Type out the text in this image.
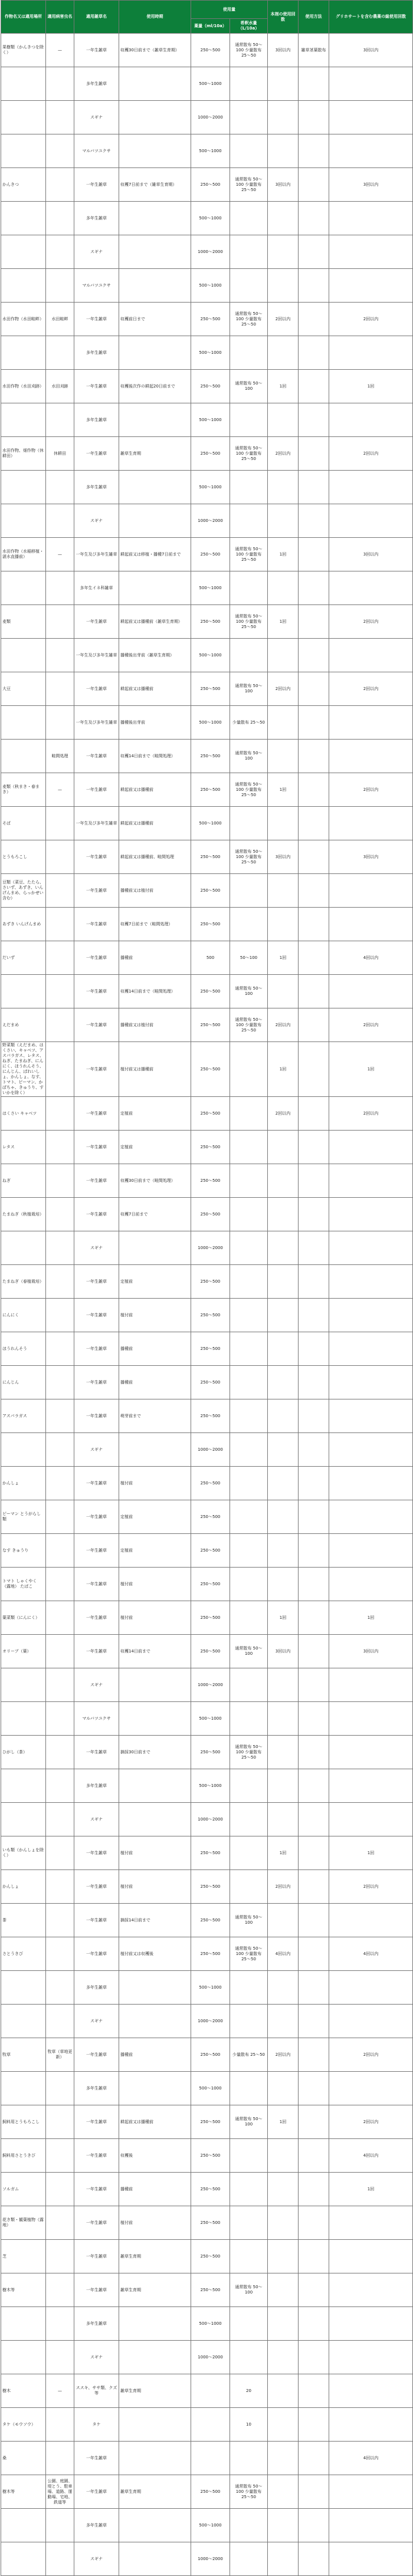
作物名又は適用場所	適用病害虫名	適用雑草名	使用時期	使用量		本剤の使用回数	使用方法	グリホサートを含む農薬の総使用回数
				薬量（ml/10a）	希釈水量（L/10a）			
果樹類（かんきつを除く）	—	一年生雑草	収穫30日前まで（雑草生育期）	250〜500	通常散布 50〜100 少量散布 25〜50	3回以内	雑草茎葉散布	3回以内
		多年生雑草		500〜1000				
		スギナ		1000〜2000				
		マルバツユクサ		500〜1000				
かんきつ		一年生雑草	収穫7日前まで（雑草生育期）	250〜500	通常散布 50〜100 少量散布 25〜50	3回以内		3回以内
		多年生雑草		500〜1000				
		スギナ		1000〜2000				
		マルバツユクサ		500〜1000				
水田作物（水田畦畔）	水田畦畔	一年生雑草	収穫前日まで	250〜500	通常散布 50〜100 少量散布 25〜50	2回以内		2回以内
		多年生雑草		500〜1000				
水田作物（水田刈跡）	水田刈跡	一年生雑草	収穫後次作の耕起20日前まで	250〜500	通常散布 50〜100	1回		1回
		多年生雑草		500〜1000				
水田作物、畑作物（休耕田）	休耕田	一年生雑草	雑草生育期	250〜500	通常散布 50〜100 少量散布 25〜50	2回以内		2回以内
		多年生雑草		500〜1000				
		スギナ		1000〜2000				
水田作物（水稲移植・湛水直播前）	—	一年生及び多年生雑草	耕起前又は移植・播種7日前まで	250〜500	通常散布 50〜100 少量散布 25〜50	1回		3回以内
		多年生イネ科雑草		500〜1000				
麦類		一年生雑草	耕起前又は播種前（雑草生育期）	250〜500	通常散布 50〜100 少量散布 25〜50	1回		2回以内
		一年生及び多年生雑草	播種後出芽前（雑草生育期）	500〜1000				
大豆		一年生雑草	耕起前又は播種前	250〜500	通常散布 50〜100	2回以内		2回以内
		一年生及び多年生雑草	播種後出芽前	500〜1000	少量散布 25〜50			
	畦間処理	一年生雑草	収穫14日前まで（畦間処理）	250〜500	通常散布 50〜100			
麦類（秋まき・春まき）	—	一年生雑草	耕起前又は播種前	250〜500	通常散布 50〜100 少量散布 25〜50	1回		2回以内
そば		一年生及び多年生雑草	耕起前又は播種前	500〜1000				
とうもろこし		一年生雑草	耕起前又は播種前、畦間処理	250〜500	通常散布 50〜100 少量散布 25〜50	3回以内		3回以内
豆類（菜豆、たたら、さいず、あずき、いんげんまめ、らっかせい含む）		一年生雑草	播種前又は植付前	250〜500				
あずき いんげんまめ		一年生雑草	収穫7日前まで（畦間処理）	250〜500				
だいず		一年生雑草	播種前	500	50〜100	1回		4回以内
		一年生雑草	収穫14日前まで（畦間処理）	250〜500	通常散布 50〜100			
えだまめ		一年生雑草	播種前又は植付前	250〜500	通常散布 50〜100 少量散布 25〜50	2回以内		2回以内
野菜類（えだまめ、はくさい、キャベツ、アスパラガス、レタス、ねぎ、たまねぎ、にんにく、ほうれんそう、にんじん、ばれいしょ、かんしょ、なす、トマト、ピーマン、かぼちゃ、きゅうり、すいかを除く）		一年生雑草	植付前又は播種前	250〜500		1回		1回
はくさい キャベツ		一年生雑草	定植前	250〜500		2回以内		2回以内
レタス		一年生雑草	定植前	250〜500				
ねぎ		一年生雑草	収穫30日前まで（畦間処理）	250〜500				
たまねぎ（秋植栽培）		一年生雑草	収穫7日前まで	250〜500				
		スギナ		1000〜2000				
たまねぎ（春植栽培）		一年生雑草	定植前	250〜500				
にんにく		一年生雑草	植付前	250〜500				
ほうれんそう		一年生雑草	播種前	250〜500				
にんじん		一年生雑草	播種前	250〜500				
アスパラガス		一年生雑草	萌芽前まで	250〜500				
		スギナ		1000〜2000				
かんしょ		一年生雑草	植付前	250〜500				
ピーマン とうがらし類		一年生雑草	定植前	250〜500				
なす きゅうり		一年生雑草	定植前	250〜500				
トマト しゃくやく（露地） たばこ		一年生雑草	植付前	250〜500				
葉菜類（にんにく）		一年生雑草	植付前	250〜500		1回		1回
オリーブ（葉）		一年生雑草	収穫14日前まで	250〜500	通常散布 50〜100	3回以内		3回以内
		スギナ		1000〜2000				
		マルバツユクサ		500〜1000				
ひがし（茶）		一年生雑草	摘採30日前まで	250〜500	通常散布 50〜100 少量散布 25〜50			
		多年生雑草		500〜1000				
		スギナ		1000〜2000				
いも類（かんしょを除く）		一年生雑草	植付前	250〜500		1回		1回
かんしょ		一年生雑草	植付前	250〜500		2回以内		2回以内
茶		一年生雑草	摘採14日前まで	250〜500	通常散布 50〜100			
さとうきび		一年生雑草	植付前又は収穫後	250〜500	通常散布 50〜100 少量散布 25〜50	4回以内		4回以内
		多年生雑草		500〜1000				
		スギナ		1000〜2000				
牧草	牧草（草地更新）	一年生雑草	播種前	250〜500	少量散布 25〜50	2回以内		2回以内
		多年生雑草		500〜1000				
飼料用とうもろこし		一年生雑草	耕起前又は播種前	250〜500	通常散布 50〜100	1回		2回以内
飼料用さとうきび		一年生雑草	収穫後	250〜500				4回以内
ソルガム		一年生雑草	播種前	250〜500				1回
花き類・観葉植物（露地）		一年生雑草	植付前	250〜500				
芝		一年生雑草	雑草生育期	250〜500				
樹木等		一年生雑草	雑草生育期	250〜500	通常散布 50〜100			
		多年生雑草		500〜1000				
		スギナ		1000〜2000				
樹木	—	ススキ、ササ類、クズ等	雑草生育期		20			
タケ（モウソウ）		タケ			10			
桑		一年生雑草						4回以内
樹木等	公園、庭園、堤とう、駐車場、道路、運動場、宅地、鉄道等	一年生雑草	雑草生育期	250〜500	通常散布 50〜100 少量散布 25〜50			
		多年生雑草		500〜1000				
		スギナ		1000〜2000				
